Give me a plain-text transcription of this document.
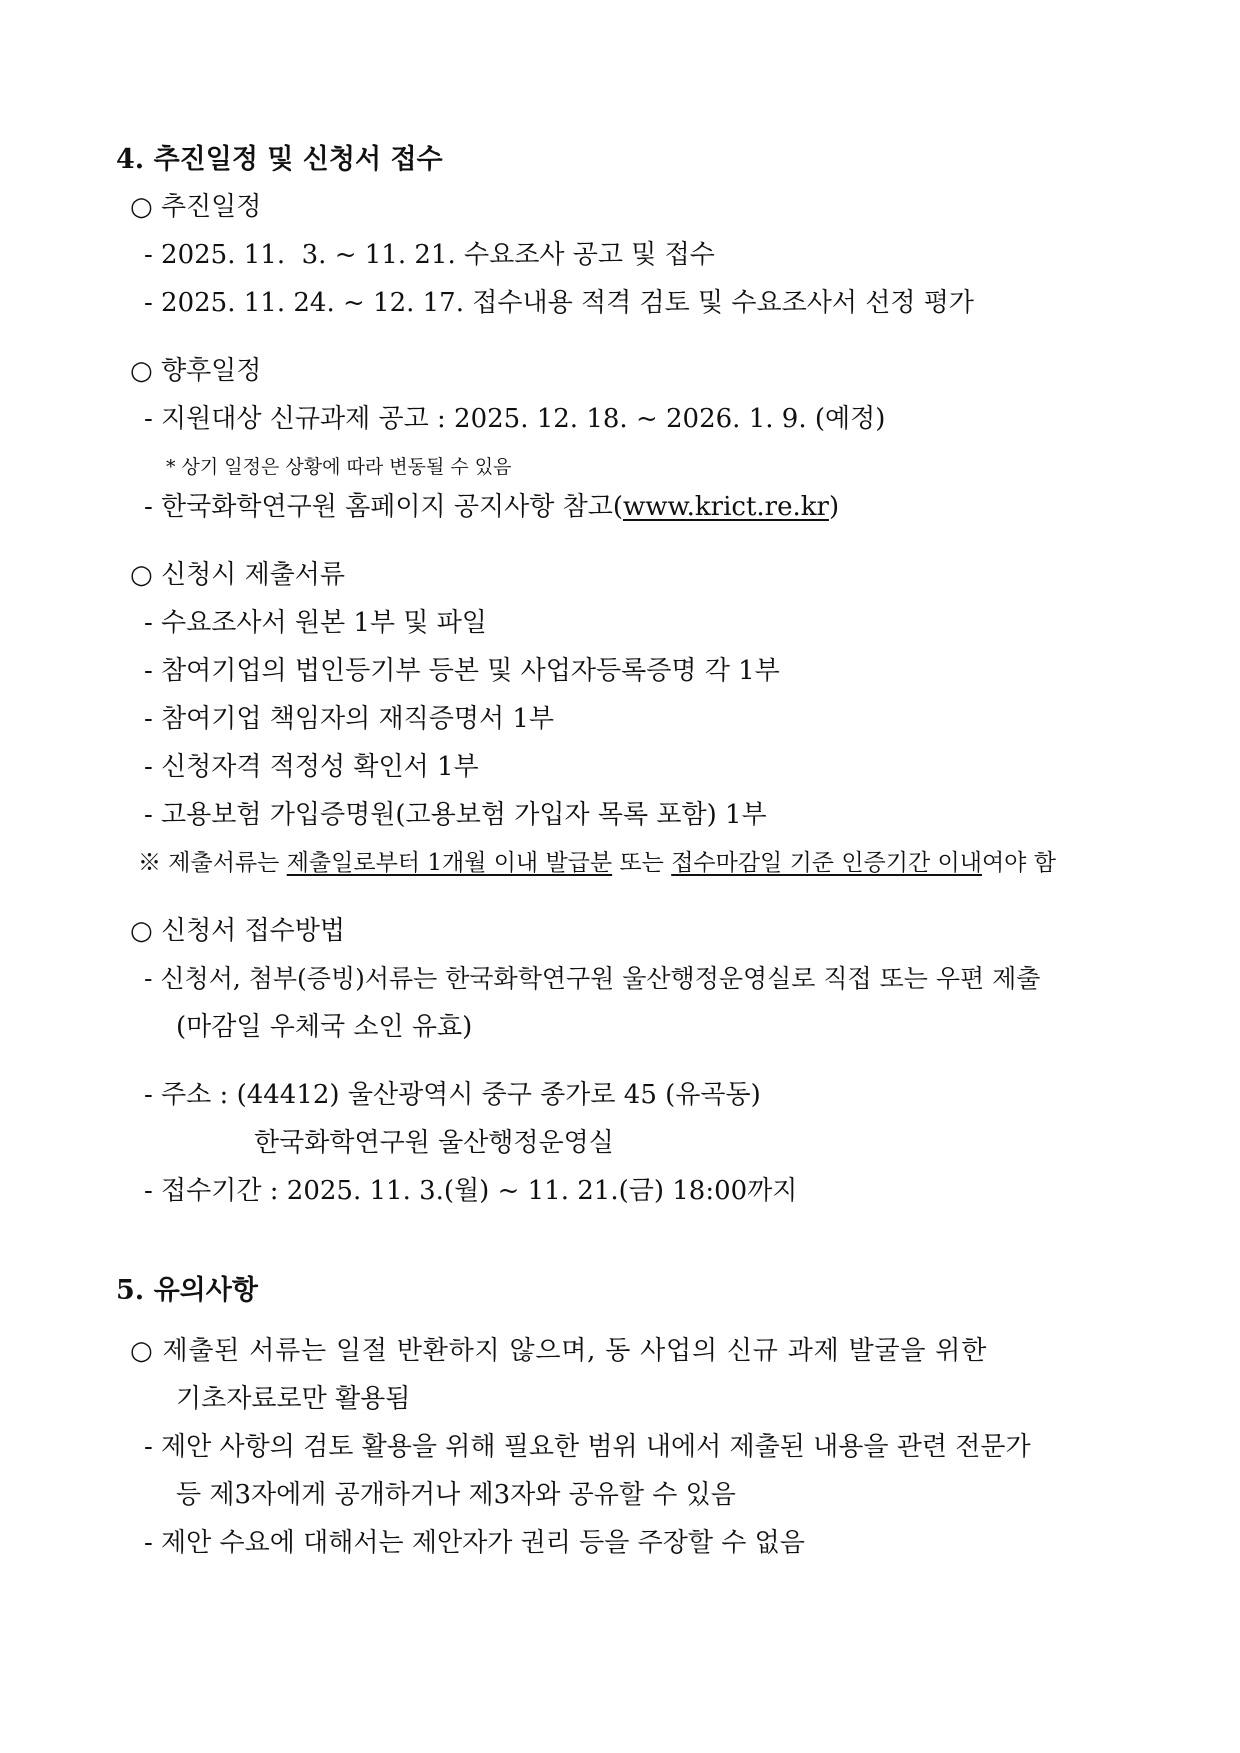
4. 추진일정 및 신청서 접수
○ 추진일정
- 2025. 11.  3. ~ 11. 21. 수요조사 공고 및 접수
- 2025. 11. 24. ~ 12. 17. 접수내용 적격 검토 및 수요조사서 선정 평가
○ 향후일정
- 지원대상 신규과제 공고 : 2025. 12. 18. ~ 2026. 1. 9. (예정)
* 상기 일정은 상황에 따라 변동될 수 있음
- 한국화학연구원 홈페이지 공지사항 참고(www.krict.re.kr)
○ 신청시 제출서류
- 수요조사서 원본 1부 및 파일
- 참여기업의 법인등기부 등본 및 사업자등록증명 각 1부
- 참여기업 책임자의 재직증명서 1부
- 신청자격 적정성 확인서 1부
- 고용보험 가입증명원(고용보험 가입자 목록 포함) 1부
※ 제출서류는 제출일로부터 1개월 이내 발급분 또는 접수마감일 기준 인증기간 이내여야 함
○ 신청서 접수방법
- 신청서, 첨부(증빙)서류는 한국화학연구원 울산행정운영실로 직접 또는 우편 제출
(마감일 우체국 소인 유효)
- 주소 : (44412) 울산광역시 중구 종가로 45 (유곡동)
한국화학연구원 울산행정운영실
- 접수기간 : 2025. 11. 3.(월) ~ 11. 21.(금) 18:00까지
5. 유의사항
○ 제출된 서류는 일절 반환하지 않으며, 동 사업의 신규 과제 발굴을 위한
기초자료로만 활용됨
- 제안 사항의 검토 활용을 위해 필요한 범위 내에서 제출된 내용을 관련 전문가
등 제3자에게 공개하거나 제3자와 공유할 수 있음
- 제안 수요에 대해서는 제안자가 권리 등을 주장할 수 없음
